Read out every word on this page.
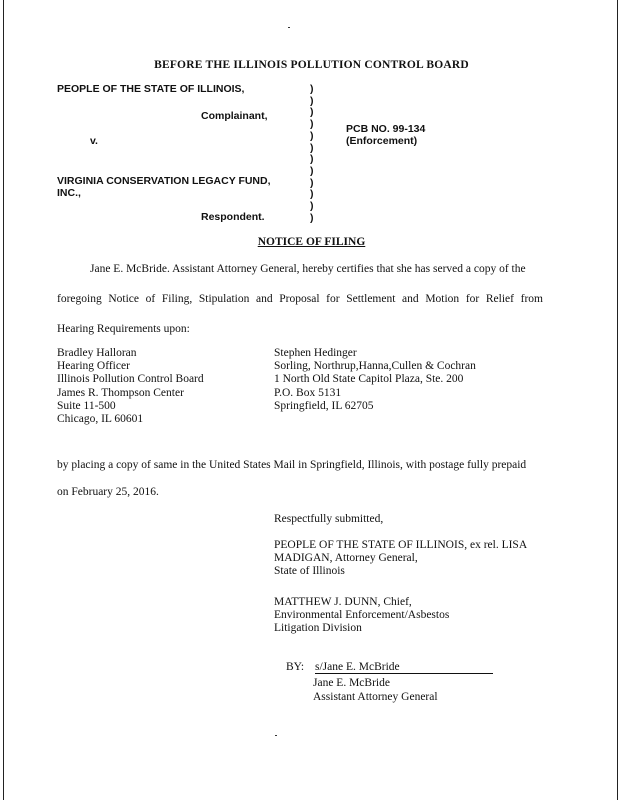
BEFORE THE ILLINOIS POLLUTION CONTROL BOARD
PEOPLE OF THE STATE OF ILLINOIS,
Complainant,
v.
VIRGINIA CONSERVATION LEGACY FUND,
INC.,
Respondent.
)
)
)
)
)
)
)
)
)
)
)
)
PCB NO. 99-134
(Enforcement)
NOTICE OF FILING
Jane E. McBride. Assistant Attorney General, hereby certifies that she has served a copy of the
foregoing Notice of Filing, Stipulation and Proposal for Settlement and Motion for Relief from
Hearing Requirements upon:
Bradley Halloran
Hearing Officer
Illinois Pollution Control Board
James R. Thompson Center
Suite 11-500
Chicago, IL 60601
Stephen Hedinger
Sorling, Northrup,Hanna,Cullen & Cochran
1 North Old State Capitol Plaza, Ste. 200
P.O. Box 5131
Springfield, IL 62705
by placing a copy of same in the United States Mail in Springfield, Illinois, with postage fully prepaid
on February 25, 2016.
Respectfully submitted,
PEOPLE OF THE STATE OF ILLINOIS, ex rel. LISA
MADIGAN, Attorney General,
State of Illinois
MATTHEW J. DUNN, Chief,
Environmental Enforcement/Asbestos
Litigation Division
BY: s/Jane E. McBride
Jane E. McBride
Assistant Attorney General
